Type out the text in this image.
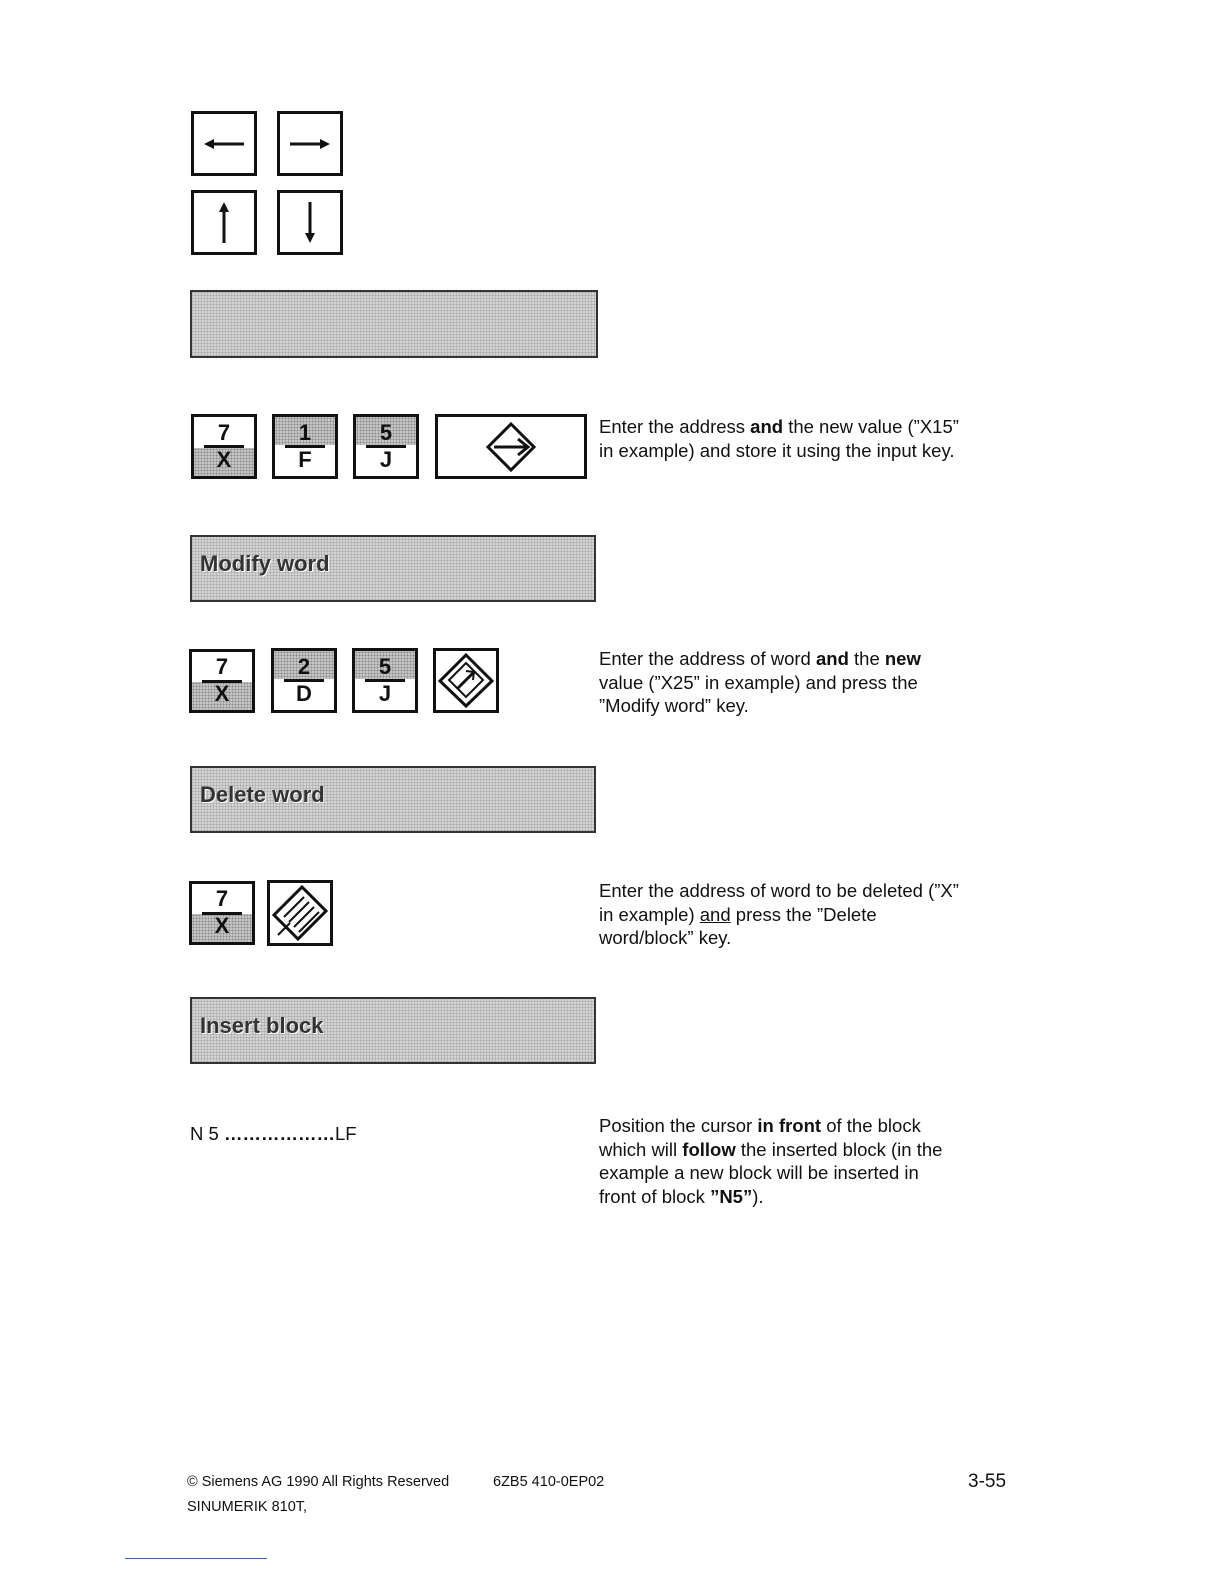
7
X
1
F
5
J
Enter the address and the new value (”X15” in example) and store it using the input key.
Modify word
7
X
2
D
5
J
Enter the address of word and the new value (”X25” in example) and press the ”Modify word” key.
Delete word
7
X
Enter the address of word to be deleted (”X” in example) and press the ”Delete word/block” key.
Insert block
N 5 ………………LF	Position the cursor in front of the block which will follow the inserted block (in the example a new block will be inserted in front of block ”N5”).
© Siemens AG 1990 All Rights Reserved	6ZB5 410-0EP02	3-55
SINUMERIK 810T,
